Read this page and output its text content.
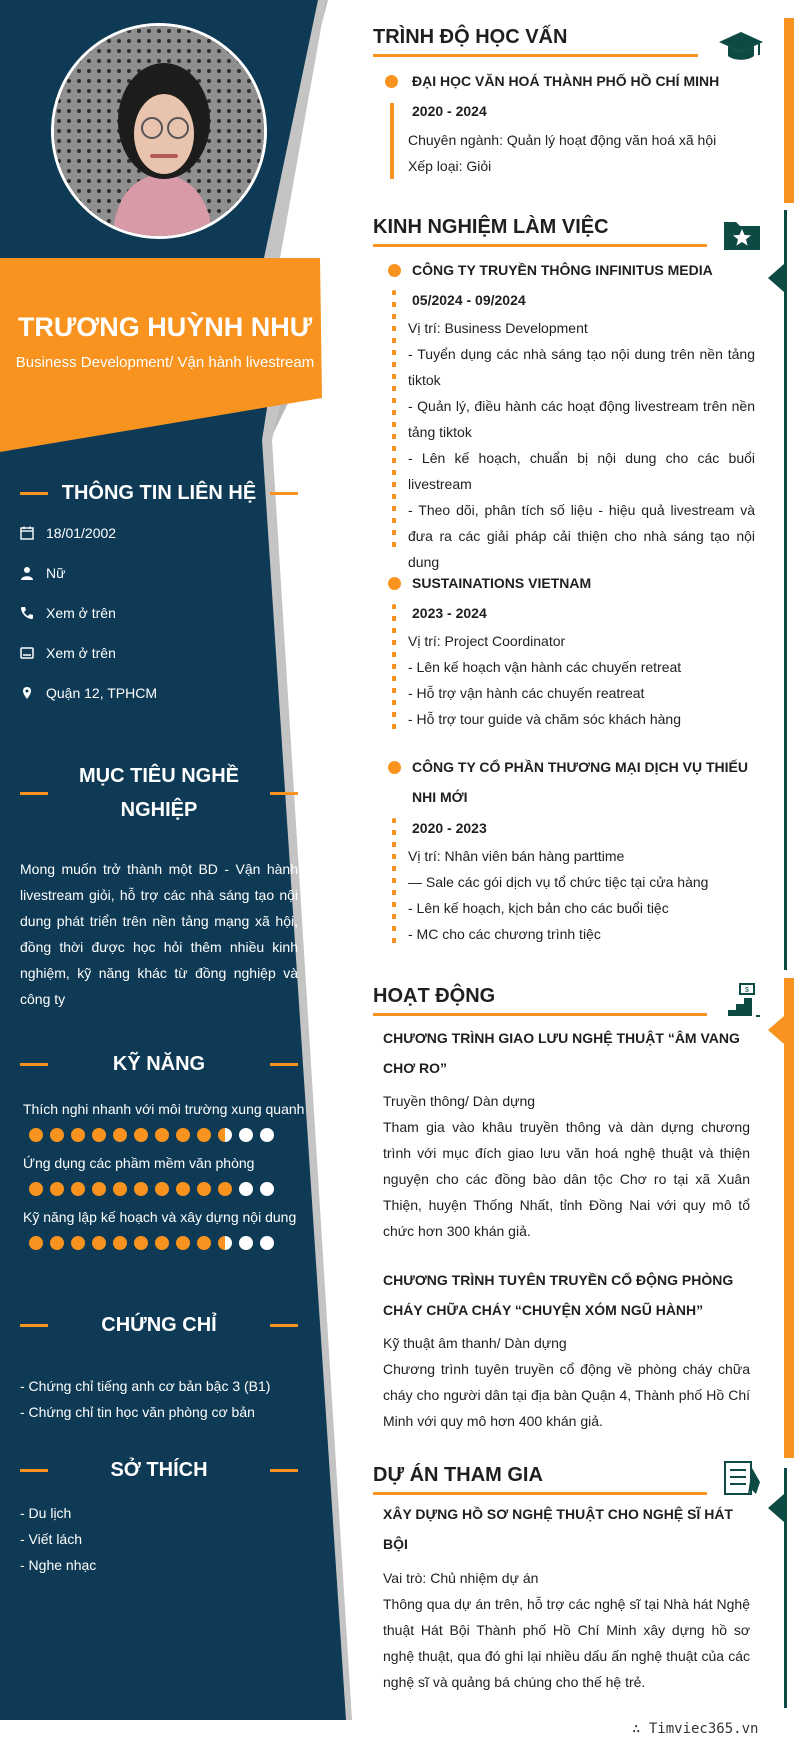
TRƯƠNG HUỲNH NHƯ
Business Development/ Vận hành livestream
THÔNG TIN LIÊN HỆ
18/01/2002
Nữ
Xem ở trên
Xem ở trên
Quận 12, TPHCM
MỤC TIÊU NGHỀ NGHIỆP
Mong muốn trở thành một BD - Vận hành livestream giỏi, hỗ trợ các nhà sáng tạo nội dung phát triển trên nền tảng mạng xã hội, đồng thời được học hỏi thêm nhiều kinh nghiệm, kỹ năng khác từ đồng nghiệp và công ty
KỸ NĂNG
Thích nghi nhanh với môi trường xung quanh
Ứng dụng các phầm mềm văn phòng
Kỹ năng lập kế hoạch và xây dựng nội dung
CHỨNG CHỈ
- Chứng chỉ tiếng anh cơ bản bậc 3 (B1)
- Chứng chỉ tin học văn phòng cơ bản
SỞ THÍCH
- Du lịch
- Viết lách
- Nghe nhạc
TRÌNH ĐỘ HỌC VẤN
ĐẠI HỌC VĂN HOÁ THÀNH PHỐ HỒ CHÍ MINH
2020 - 2024
Chuyên ngành: Quản lý hoạt động văn hoá xã hội
Xếp loại: Giỏi
KINH NGHIỆM LÀM VIỆC
CÔNG TY TRUYỀN THÔNG INFINITUS MEDIA
05/2024 - 09/2024
Vị trí: Business Development
- Tuyển dụng các nhà sáng tạo nội dung trên nền tảng tiktok
- Quản lý, điều hành các hoạt động livestream trên nền tảng tiktok
- Lên kế hoạch, chuẩn bị nội dung cho các buổi livestream
- Theo dõi, phân tích số liệu - hiệu quả livestream và đưa ra các giải pháp cải thiện cho nhà sáng tạo nội dung
SUSTAINATIONS VIETNAM
2023 - 2024
Vị trí: Project Coordinator
- Lên kế hoạch vận hành các chuyến retreat
- Hỗ trợ vận hành các chuyến reatreat
- Hỗ trợ tour guide và chăm sóc khách hàng
CÔNG TY CỔ PHẦN THƯƠNG MẠI DỊCH VỤ THIẾU NHI MỚI
2020 - 2023
Vị trí: Nhân viên bán hàng parttime
— Sale các gói dịch vụ tổ chức tiệc tại cửa hàng
- Lên kế hoạch, kịch bản cho các buổi tiệc
- MC cho các chương trình tiệc
HOẠT ĐỘNG	$
CHƯƠNG TRÌNH GIAO LƯU NGHỆ THUẬT “ÂM VANG CHƠ RO”
Truyền thông/ Dàn dựng
Tham gia vào khâu truyền thông và dàn dựng chương trình với mục đích giao lưu văn hoá nghệ thuật và thiện nguyện cho các đồng bào dân tộc Chơ ro tại xã Xuân Thiện, huyện Thống Nhất, tỉnh Đồng Nai với quy mô tổ chức hơn 300 khán giả.
CHƯƠNG TRÌNH TUYÊN TRUYỀN CỔ ĐỘNG PHÒNG CHÁY CHỮA CHÁY “CHUYỆN XÓM NGŨ HÀNH”
Kỹ thuật âm thanh/ Dàn dựng
Chương trình tuyên truyền cổ động về phòng cháy chữa cháy cho người dân tại địa bàn Quận 4, Thành phố Hồ Chí Minh với quy mô hơn 400 khán giả.
DỰ ÁN THAM GIA
XÂY DỰNG HỒ SƠ NGHỆ THUẬT CHO NGHỆ SĨ HÁT BỘI
Vai trò: Chủ nhiệm dự án
Thông qua dự án trên, hỗ trợ các nghệ sĩ tại Nhà hát Nghệ thuật Hát Bội Thành phố Hồ Chí Minh xây dựng hồ sơ nghệ thuật, qua đó ghi lại nhiều dấu ấn nghệ thuật của các nghệ sĩ và quảng bá chúng cho thế hệ trẻ.
∴ Timviec365.vn
